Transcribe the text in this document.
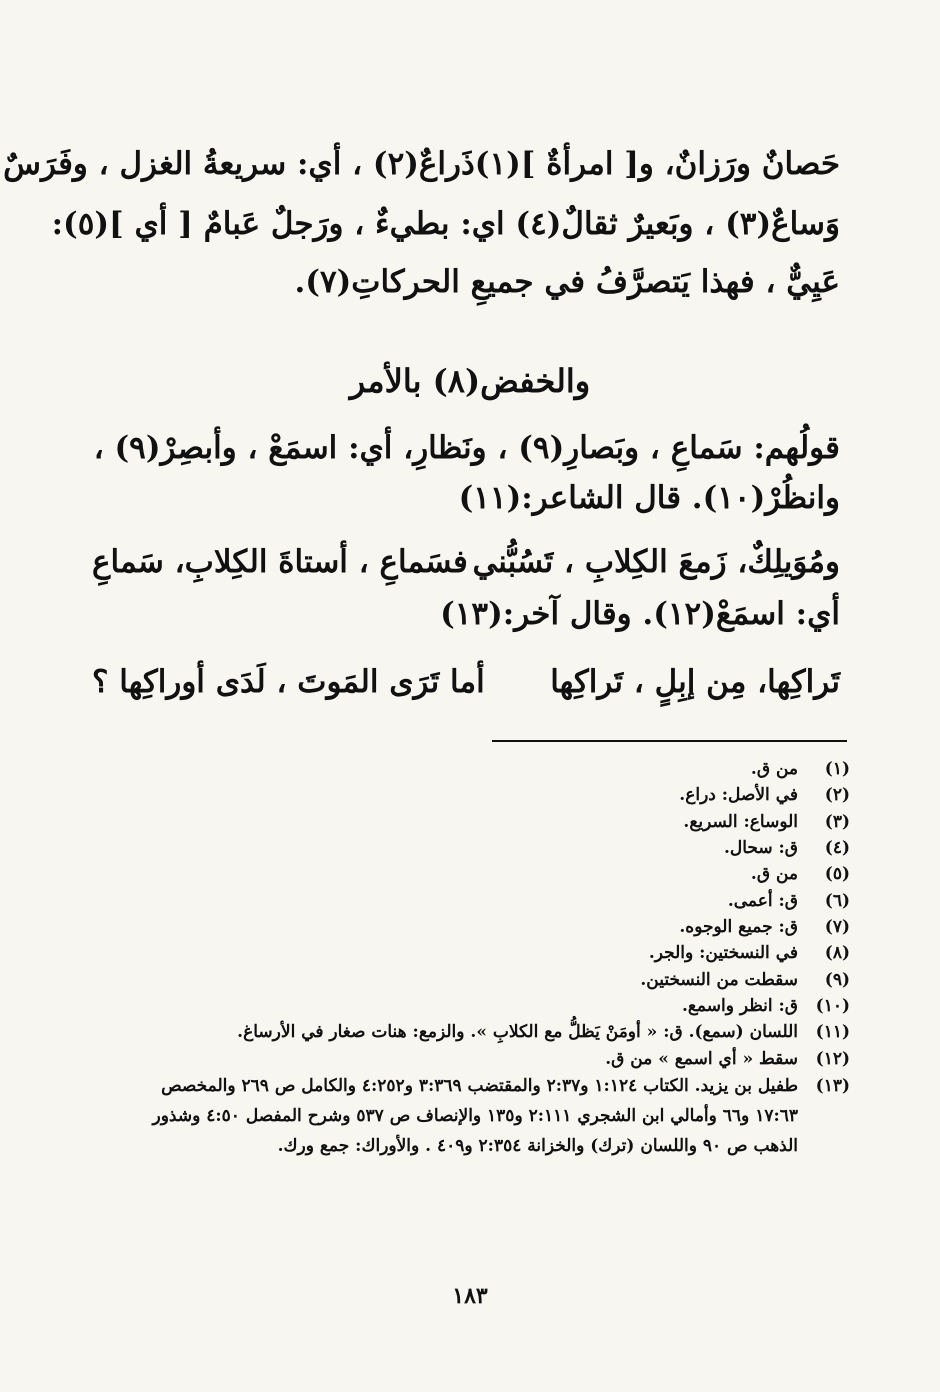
حَصانٌ ورَزانٌ، و[ امرأةٌ ](١)ذَراعٌ(٢) ، أي: سريعةُ الغزل ، وفَرَسٌ
وَساعٌ(٣) ، وبَعيرٌ ثقالٌ(٤) اي: بطيءٌ ، ورَجلٌ عَبامٌ [ أي ](٥):
عَيِيٌّ ، فهذا يَتصرَّفُ في جميعِ الحركاتِ(٧).
والخفض(٨) بالأمر
قولُهم: سَماعِ ، وبَصارِ(٩) ، ونَظارِ، أي: اسمَعْ ، وأبصِرْ(٩) ،
وانظُرْ(١٠). قال الشاعر:(١١)
ومُوَيلِكٌ، زَمعَ الكِلابِ ، تَسُبُّني
فسَماعِ ، أستاةَ الكِلابِ، سَماعِ
أي: اسمَعْ(١٢). وقال آخر:(١٣)
تَراكِها، مِن إبِلٍ ، تَراكِها
أما تَرَى المَوتَ ، لَدَى أوراكِها ؟
(١)
من ق.
(٢)
في الأصل: دراع.
(٣)
الوساع: السريع.
(٤)
ق: سحال.
(٥)
من ق.
(٦)
ق: أعمى.
(٧)
ق: جميع الوجوه.
(٨)
في النسختين: والجر.
(٩)
سقطت من النسختين.
(١٠)
ق: انظر واسمع.
(١١)
اللسان (سمع). ق: « أومَنْ يَظلُّ مع الكلابِ ». والزمع: هنات صغار في الأرساغ.
(١٢)
سقط « أي اسمع » من ق.
(١٣)
طفيل بن يزيد. الكتاب ١:١٢٤ و٢:٣٧ والمقتضب ٣:٣٦٩ و٤:٢٥٢ والكامل ص ٢٦٩ والمخصص ١٧:٦٣ و٦٦ وأمالي ابن الشجري ٢:١١١ و١٣٥ والإنصاف ص ٥٣٧ وشرح المفصل ٤:٥٠ وشذور الذهب ص ٩٠ واللسان (ترك) والخزانة ٢:٣٥٤ و٤٠٩ . والأوراك: جمع ورك.
١٨٣
